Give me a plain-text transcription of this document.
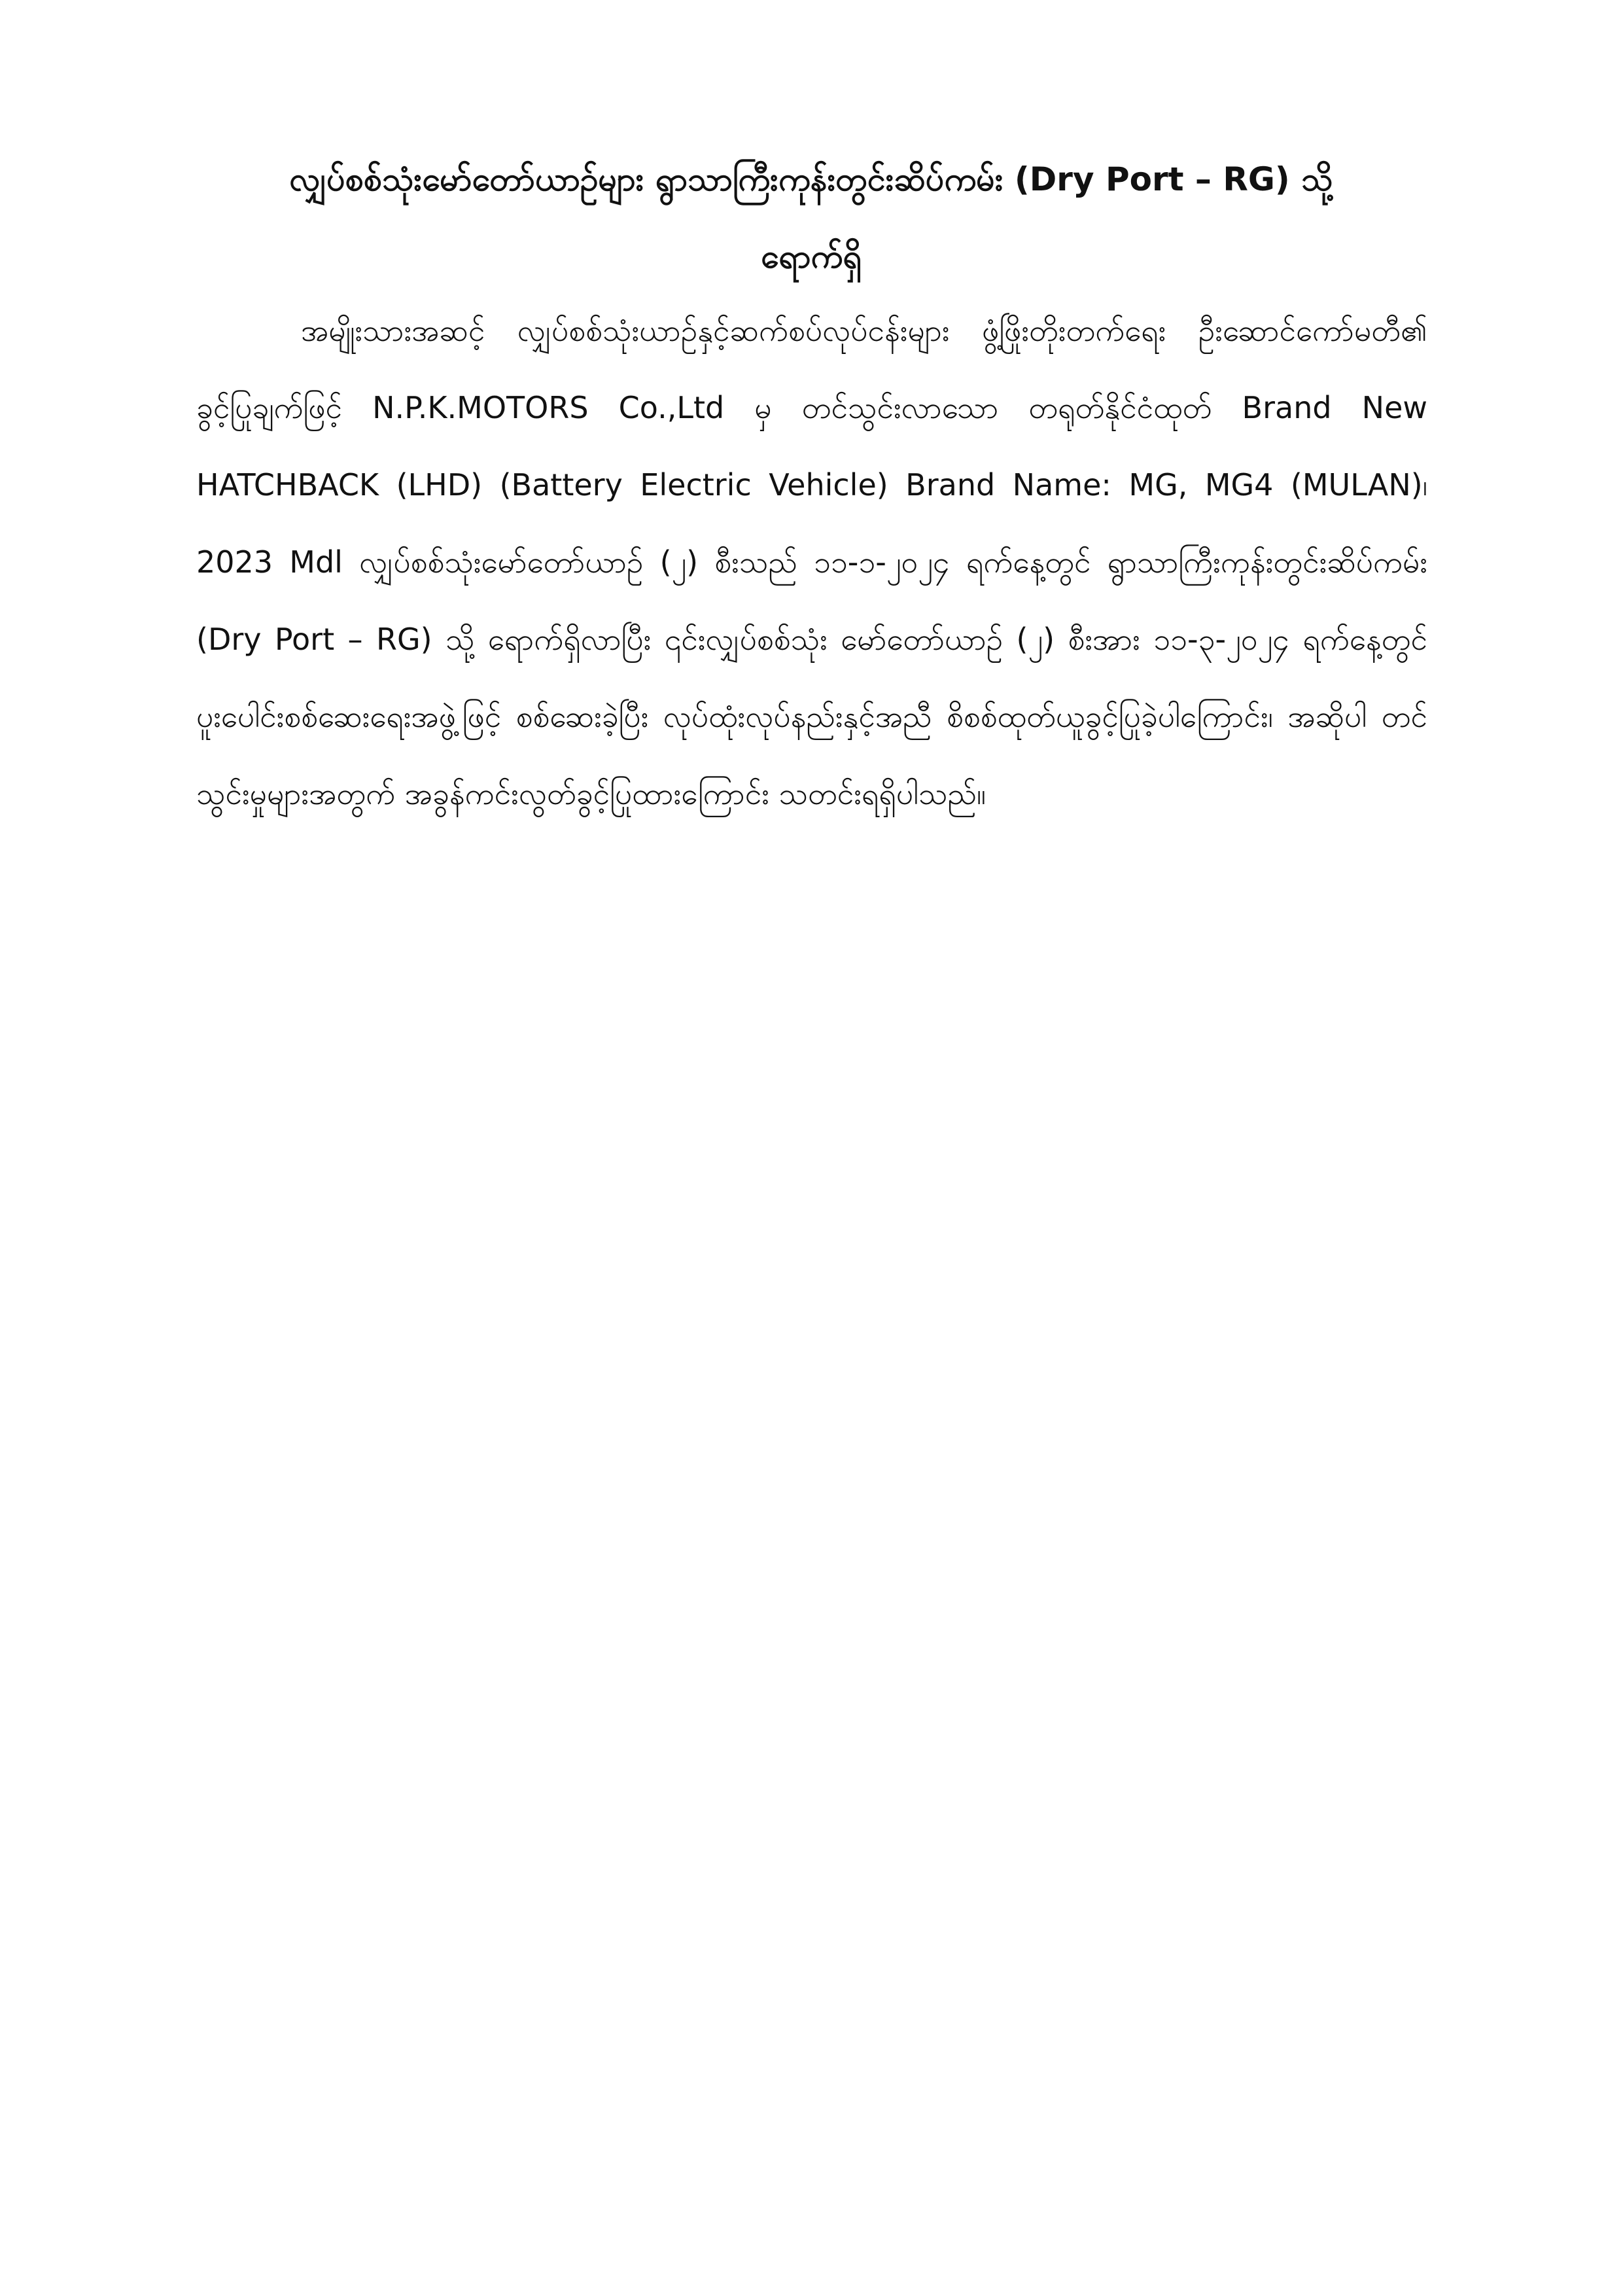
လျှပ်စစ်သုံးမော်တော်ယာဉ်များ ရွာသာကြီးကုန်းတွင်းဆိပ်ကမ်း (Dry Port – RG) သို့
ရောက်ရှိ

အမျိုးသားအဆင့် လျှပ်စစ်သုံးယာဉ်နှင့်ဆက်စပ်လုပ်ငန်းများ ဖွံ့ဖြိုးတိုးတက်ရေး ဦးဆောင်ကော်မတီ၏ ခွင့်ပြုချက်ဖြင့် N.P.K.MOTORS Co.,Ltd မှ တင်သွင်းလာသော တရုတ်နိုင်ငံထုတ် Brand New HATCHBACK (LHD) (Battery Electric Vehicle) Brand Name: MG, MG4 (MULAN)၊ 2023 Mdl လျှပ်စစ်သုံးမော်တော်ယာဉ် (၂) စီးသည် ၁၁-၁-၂၀၂၄ ရက်နေ့တွင် ရွာသာကြီးကုန်းတွင်းဆိပ်ကမ်း (Dry Port – RG) သို့ ရောက်ရှိလာပြီး ၎င်းလျှပ်စစ်သုံး မော်တော်ယာဉ် (၂) စီးအား ၁၁-၃-၂၀၂၄ ရက်နေ့တွင် ပူးပေါင်းစစ်ဆေးရေးအဖွဲ့ဖြင့် စစ်ဆေးခဲ့ပြီး လုပ်ထုံးလုပ်နည်းနှင့်အညီ စိစစ်ထုတ်ယူခွင့်ပြုခဲ့ပါကြောင်း၊ အဆိုပါ တင်သွင်းမှုများအတွက် အခွန်ကင်းလွတ်ခွင့်ပြုထားကြောင်း သတင်းရရှိပါသည်။
